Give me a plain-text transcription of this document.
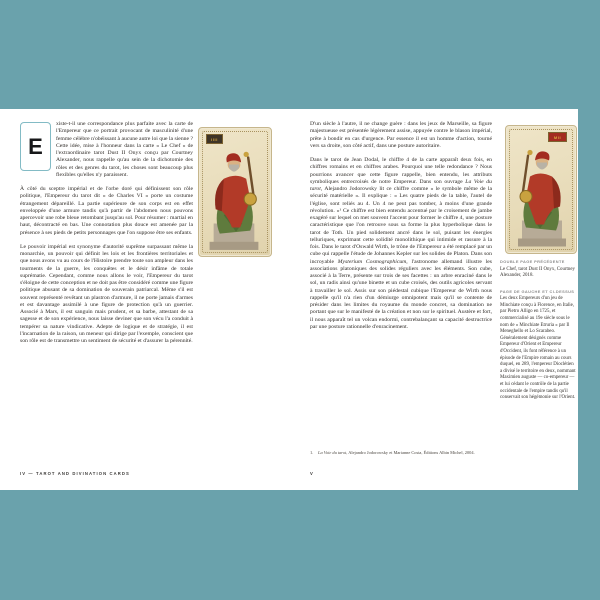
E
xiste-t-il une correspondance plus parfaite avec la carte de l'Empereur que ce portrait provocant de masculinité d'une femme célèbre n'obéissant à aucune autre loi que la sienne ? Cette idée, mise à l'honneur dans la carte « Le Chef » de l'extraordinaire tarot Dust II Onyx conçu par Courtney Alexander, nous rappelle qu'au sein de la dichotomie des rôles et des genres du tarot, les choses sont beaucoup plus flexibles qu'elles n'y paraissent.

À côté du sceptre impérial et de l'orbe doré qui définissent son rôle politique, l'Empereur du tarot dit « de Charles VI » porte un costume étrangement dépareillé. La partie supérieure de son corps est en effet enveloppée d'une armure tandis qu'à partir de l'abdomen nous pouvons apercevoir une robe bleue retombant jusqu'au sol. Pour résumer : martial en haut, décontracté en bas. Une connotation plus douce est amenée par la présence à ses pieds de petits personnages que l'on suppose être ses enfants.

Le pouvoir impérial est synonyme d'autorité suprême surpassant même la monarchie, un pouvoir qui définit les lois et les frontières territoriales et que nous avons vu au cours de l'Histoire prendre toute son ampleur dans les tourments de la guerre, les conquêtes et le désir infâme de totale suprématie. Cependant, comme nous allons le voir, l'Empereur du tarot s'éloigne de cette conception et ne doit pas être considéré comme une figure politique abusant de sa domination de souverain patriarcal. Même s'il est souvent représenté revêtant un plastron d'armure, il ne porte jamais d'armes et est davantage assimilé à une figure de protection qu'à un guerrier. Associé à Mars, il est sanguin mais prudent, et sa barbe, attestant de sa sagesse et de son expérience, nous laisse deviner que son vécu l'a conduit à tempérer sa nature vindicative. Adepte de logique et de stratégie, il est l'incarnation de la raison, un meneur qui dirige par l'exemple, conscient que son rôle est de transmettre un sentiment de sécurité et d'assurer la pérennité.

IIII
IV — TAROT AND DIVINATION CARDS

D'un siècle à l'autre, il ne change guère : dans les jeux de Marseille, sa figure majestueuse est présentée légèrement assise, appuyée contre le blason impérial, prête à bondir en cas d'urgence. Par essence il est un homme d'action, tourné vers sa droite, son côté actif, dans une posture autoritaire.

Dans le tarot de Jean Dodal, le chiffre 4 de la carte apparaît deux fois, en chiffres romains et en chiffres arabes. Pourquoi une telle redondance ? Nous pourrions avancer que cette figure rappelle, bien entendu, les attributs symboliques entrecroisés de notre Empereur. Dans son ouvrage La Voie du tarot, Alejandro Jodorowsky lit ce chiffre comme « le symbole même de la sécurité matérielle ». Il explique : « Les quatre pieds de la table, l'autel de l'église, sont reliés au 4. Un 4 ne peut pas tomber, à moins d'une grande révolution. »¹ Ce chiffre est bien entendu accentué par le croisement de jambe exagéré sur lequel on met souvent l'accent pour former le chiffre 4, une posture caractéristique que l'on retrouve sous sa forme la plus hyperbolique dans le tarot de Toth. Un pied solidement ancré dans le sol, puisant les énergies telluriques, exprimant cette solidité monolithique qui intimide et rassure à la fois. Dans le tarot d'Oswald Wirth, le trône de l'Empereur a été remplacé par un cube qui rappelle l'étude de Johannes Kepler sur les solides de Platon. Dans son incroyable Mysterium Cosmographicum, l'astronome allemand illustre les associations platoniques des solides réguliers avec les éléments. Son cube, associé à la Terre, présente sur trois de ses facettes : un arbre enraciné dans le sol, un radis ainsi qu'une binette et un cube croisés, des outils agricoles servant à travailler le sol. Assis sur son piédestal cubique l'Empereur de Wirth nous rappelle qu'il n'a rien d'un démiurge omnipotent mais qu'il se contente de présider dans les limites du royaume du monde concret, sa domination ne portant que sur le manifesté de la création et non sur le spirituel. Austère et fort, il nous apparaît tel un volcan endormi, contrebalançant sa capacité destructrice par une posture rationnelle d'enracinement.

MII

DOUBLE PAGE PRÉCÉDENTE

Le Chef, tarot Dust II Onyx, Courtney Alexander, 2018.

PAGE DE GAUCHE ET CI-DESSUS

Les deux Empereurs d'un jeu de Minchiate conçu à Florence, en Italie, par Pietro Alligo en 1725, et commercialisé au 19e siècle sous le nom de « Minchiate Etruria » par Il Meneghello et Lo Scarabeo. Généralement désignés comme Empereur d'Orient et Empereur d'Occident, ils font référence à un épisode de l'Empire romain au cours duquel, en 289, l'empereur Dioclétien a divisé le territoire en deux, nommant Maximien auguste — co-empereur — et lui cédant le contrôle de la partie occidentale de l'empire tandis qu'il conservait son hégémonie sur l'Orient.

1.	La Voie du tarot, Alejandro Jodorowsky et Marianne Costa, Éditions Albin Michel, 2004.
V
